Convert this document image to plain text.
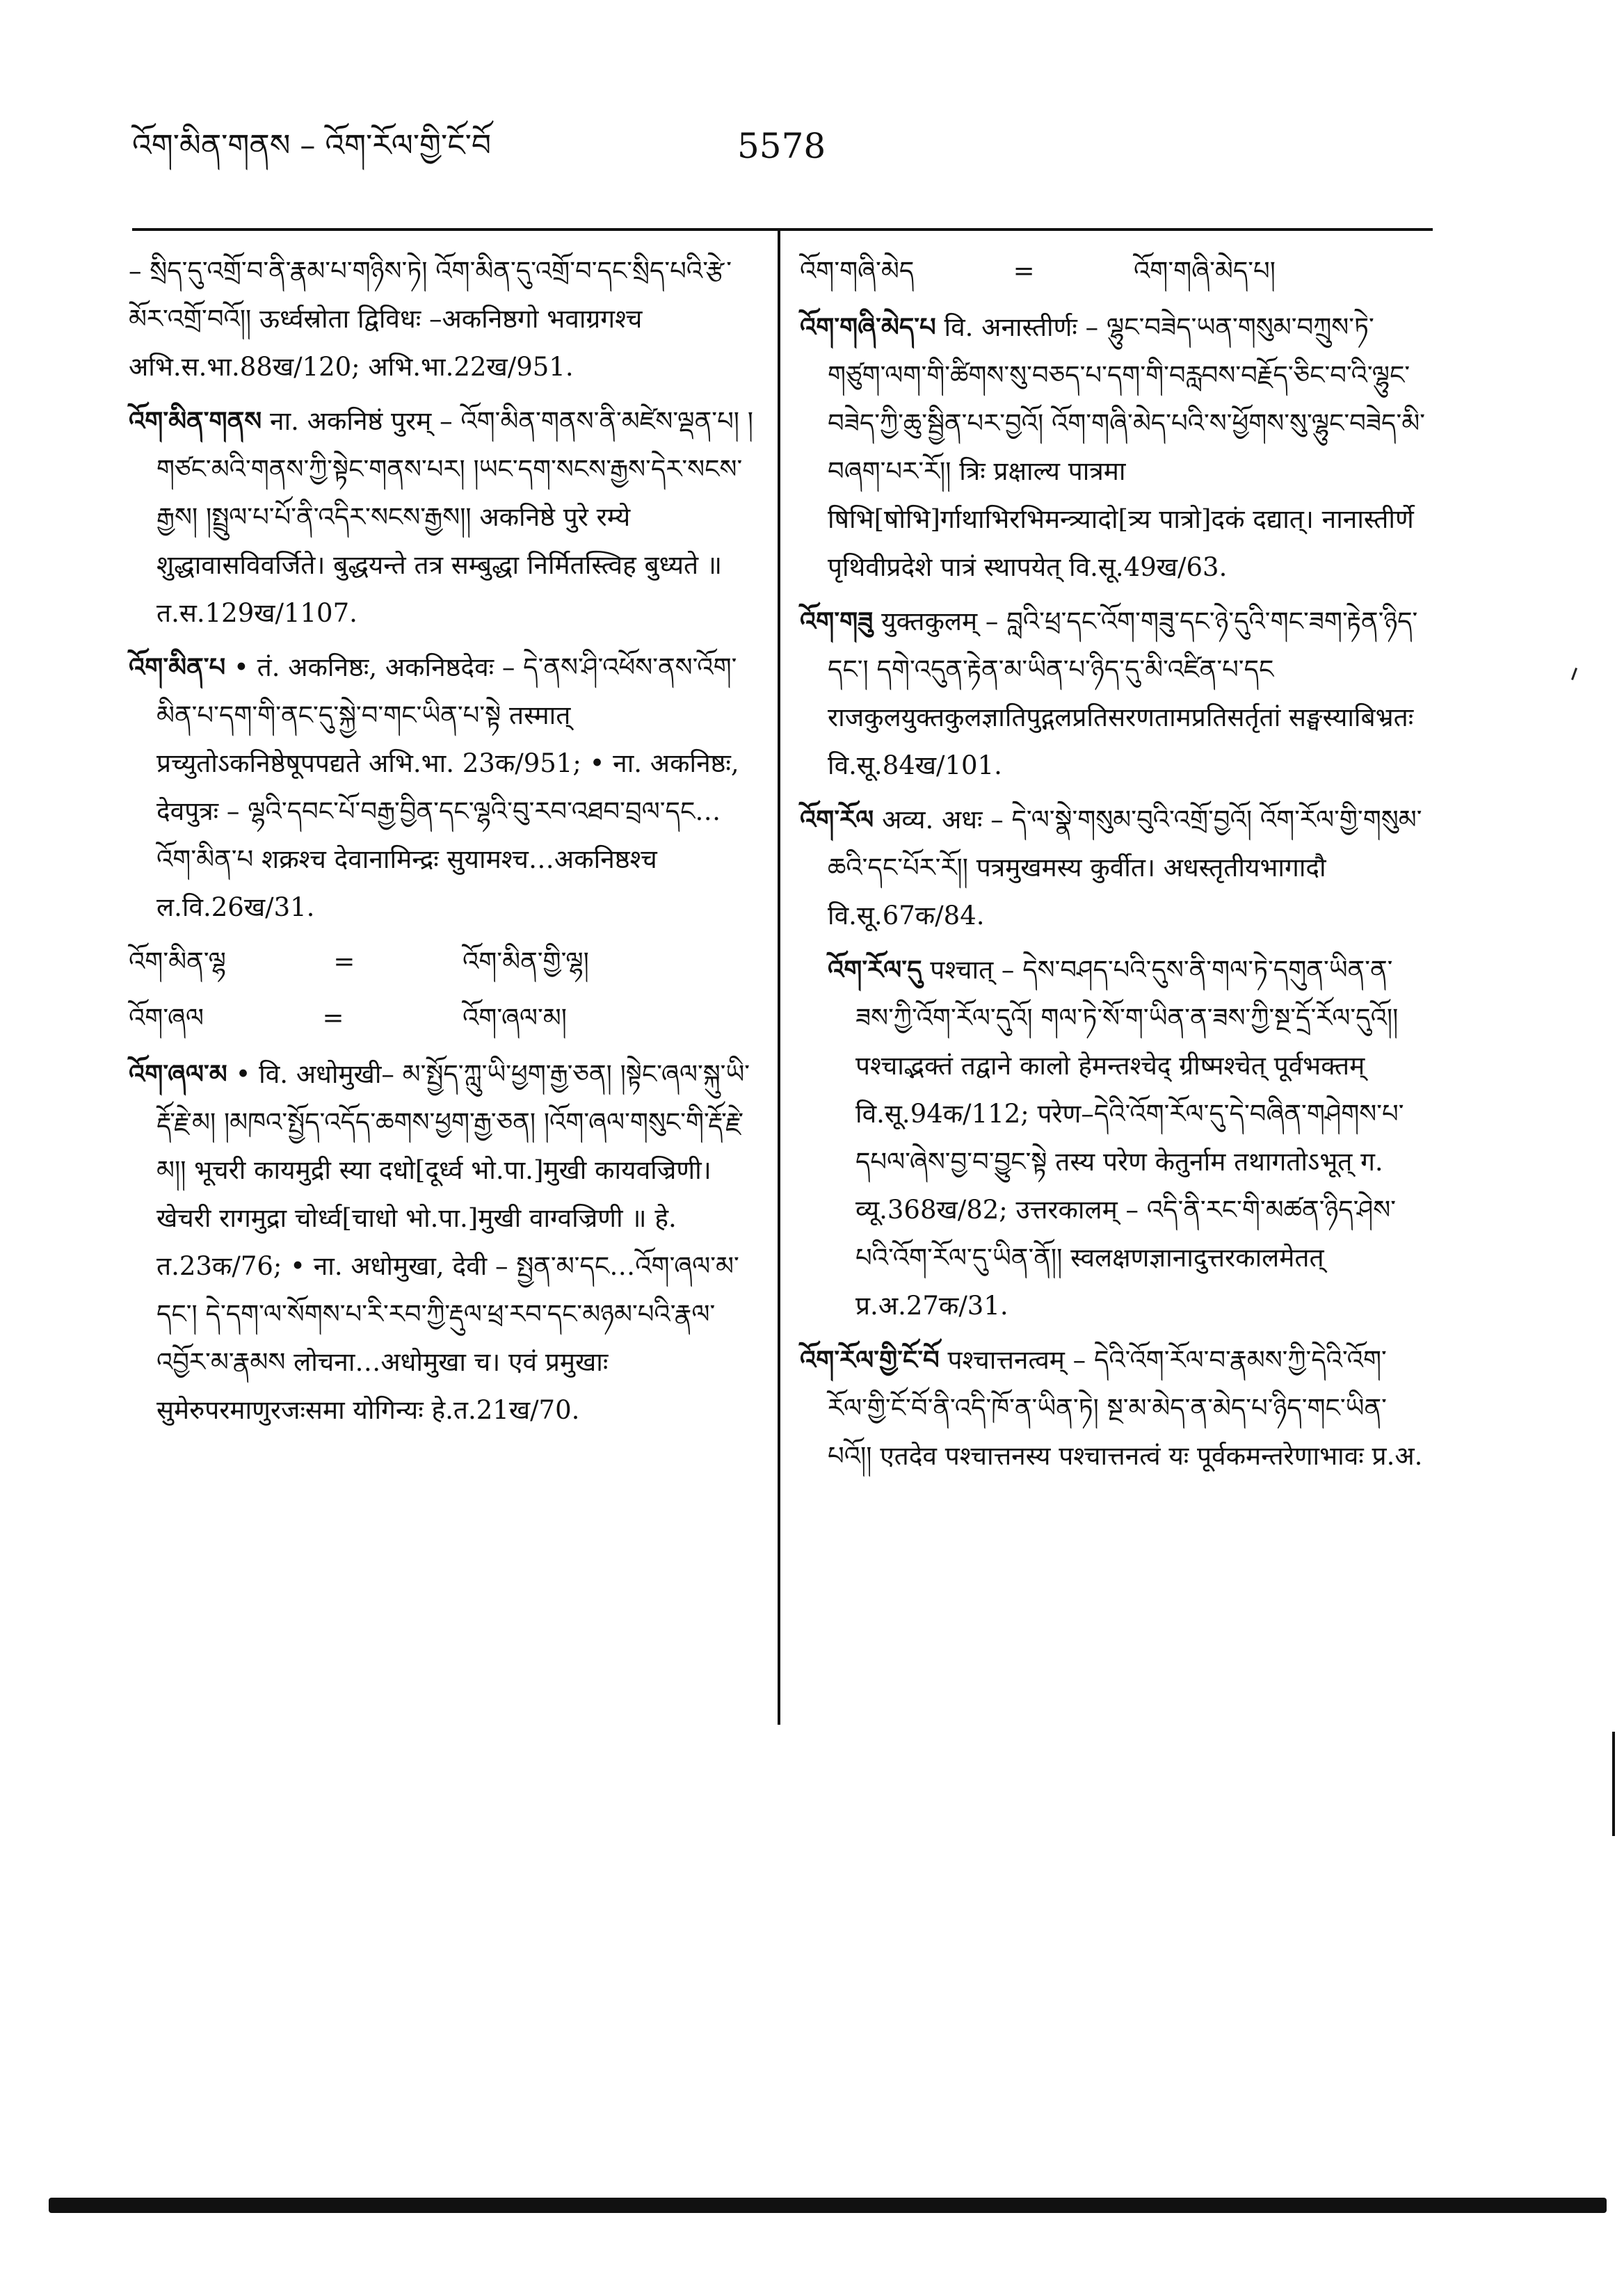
འོག་མིན་གནས – འོག་རོལ་གྱི་ངོ་བོ	5578
– སྲིད་དུ་འགྲོ་བ་ནི་རྣམ་པ་གཉིས་ཏེ། འོག་མིན་དུ་འགྲོ་བ་དང་སྲིད་པའི་རྩེ་མོར་འགྲོ་བའོ།། ऊर्ध्वस्रोता द्विविधः –अकनिष्ठगो भवाग्रगश्च अभि.स.भा.88ख/120; अभि.भा.22ख/951.
འོག་མིན་གནས ना. अकनिष्ठं पुरम् – འོག་མིན་གནས་ནི་མཛེས་ལྡན་པ། །གཙང་མའི་གནས་ཀྱི་སྟེང་གནས་པར། །ཡང་དག་སངས་རྒྱས་དེར་སངས་རྒྱས། །སྤྲུལ་པ་པོ་ནི་འདིར་སངས་རྒྱས།། अकनिष्ठे पुरे रम्ये शुद्धावासविवर्जिते। बुद्धयन्ते तत्र सम्बुद्धा निर्मितस्त्विह बुध्यते ॥ त.स.129ख/1107.
འོག་མིན་པ • तं. अकनिष्ठः, अकनिष्ठदेवः – དེ་ནས་ཤི་འཕོས་ནས་འོག་མིན་པ་དག་གི་ནང་དུ་སྐྱེ་བ་གང་ཡིན་པ་སྟེ तस्मात् प्रच्युतोऽकनिष्ठेषूपपद्यते अभि.भा. 23क/951; • ना. अकनिष्ठः, देवपुत्रः – ལྷའི་དབང་པོ་བརྒྱ་བྱིན་དང་ལྷའི་བུ་རབ་འཐབ་བྲལ་དང…འོག་མིན་པ शक्रश्च देवानामिन्द्रः सुयामश्च…अकनिष्ठश्च ल.वि.26ख/31.
འོག་མིན་ལྷ	=	འོག་མིན་གྱི་ལྷ།
འོག་ཞལ	=	འོག་ཞལ་མ།
འོག་ཞལ་མ • वि. अधोमुखी– མ་སྤྱོད་ཀླུ་ཡི་ཕྱག་རྒྱ་ཅན། །སྟེང་ཞལ་སྐུ་ཡི་རྡོ་རྗེ་མ། །མཁའ་སྤྱོད་འདོད་ཆགས་ཕྱག་རྒྱ་ཅན། །འོག་ཞལ་གསུང་གི་རྡོ་རྗེ་མ།། भूचरी कायमुद्री स्या दधो[दूर्ध्व भो.पा.]मुखी कायवज्रिणी। खेचरी रागमुद्रा चोर्ध्व[चाधो भो.पा.]मुखी वाग्वज्रिणी ॥ हे. त.23क/76; • ना. अधोमुखा, देवी – སྤྱན་མ་དང…འོག་ཞལ་མ་དང་། དེ་དག་ལ་སོགས་པ་རི་རབ་ཀྱི་རྡུལ་ཕྲ་རབ་དང་མཉམ་པའི་རྣལ་འབྱོར་མ་རྣམས लोचना…अधोमुखा च। एवं प्रमुखाः सुमेरुपरमाणुरजःसमा योगिन्यः हे.त.21ख/70.
འོག་གཞི་མེད	=	འོག་གཞི་མེད་པ།
འོག་གཞི་མེད་པ वि. अनास्तीर्णः – ལྷུང་བཟེད་ཡན་གསུམ་བཀྲུས་ཏེ་གཙུག་ལག་གི་ཚིགས་སུ་བཅད་པ་དག་གི་བརླབས་བརྗོད་ཅིང་བ་འི་ལྷུང་བཟེད་ཀྱི་ཆུ་སྦྱིན་པར་བྱའོ། འོག་གཞི་མེད་པའི་ས་ཕྱོགས་སུ་ལྷུང་བཟེད་མི་བཞག་པར་རོ།། त्रिः प्रक्षाल्य पात्रमा षिभि[षोभि]र्गाथाभिरभिमन्त्र्यादो[त्र्य पात्रो]दकं दद्यात्। नानास्तीर्णे पृथिवीप्रदेशे पात्रं स्थापयेत् वि.सू.49ख/63.
འོག་གཟུ युक्तकुलम् – བླའི་ཕྲ་དང་འོག་གཟུ་དང་ཉེ་དུའི་གང་ཟག་རྟེན་ཉིད་དང་། དགེ་འདུན་རྟེན་མ་ཡིན་པ་ཉིད་དུ་མི་འཛིན་པ་དང राजकुलयुक्तकुलज्ञातिपुद्गलप्रतिसरणतामप्रतिसर्तृतां सङ्घस्याबिभ्रतः वि.सू.84ख/101.
འོག་རོལ अव्य. अधः – དེ་ལ་སྣེ་གསུམ་བུའི་འགྲོ་བྱའོ། འོག་རོལ་གྱི་གསུམ་ཆའི་དང་པོར་རོ།། पत्रमुखमस्य कुर्वीत। अधस्तृतीयभागादौ वि.सू.67क/84.
འོག་རོལ་དུ पश्चात् – དེས་བཤད་པའི་དུས་ནི་གལ་ཏེ་དགུན་ཡིན་ན་ཟས་ཀྱི་འོག་རོལ་དུའོ། གལ་ཏེ་སོ་ག་ཡིན་ན་ཟས་ཀྱི་སྔ་དྲོ་རོལ་དུའོ།། पश्चाद्भक्तं तद्वाने कालो हेमन्तश्चेद् ग्रीष्मश्चेत् पूर्वभक्तम् वि.सू.94क/112; परेण–དེའི་འོག་རོལ་དུ་དེ་བཞིན་གཤེགས་པ་དཔལ་ཞེས་བྱ་བ་བྱུང་སྟེ तस्य परेण केतुर्नाम तथागतोऽभूत् ग. व्यू.368ख/82; उत्तरकालम् – འདི་ནི་རང་གི་མཚན་ཉིད་ཤེས་པའི་འོག་རོལ་དུ་ཡིན་ནོ།། स्वलक्षणज्ञानादुत्तरकालमेतत् प्र.अ.27क/31.
འོག་རོལ་གྱི་ངོ་བོ पश्चात्तनत्वम् – དེའི་འོག་རོལ་བ་རྣམས་ཀྱི་དེའི་འོག་རོལ་གྱི་ངོ་བོ་ནི་འདི་ཁོ་ན་ཡིན་ཏེ། སྔ་མ་མེད་ན་མེད་པ་ཉིད་གང་ཡིན་པའོ།། एतदेव पश्चात्तनस्य पश्चात्तनत्वं यः पूर्वकमन्तरेणाभावः प्र.अ.
